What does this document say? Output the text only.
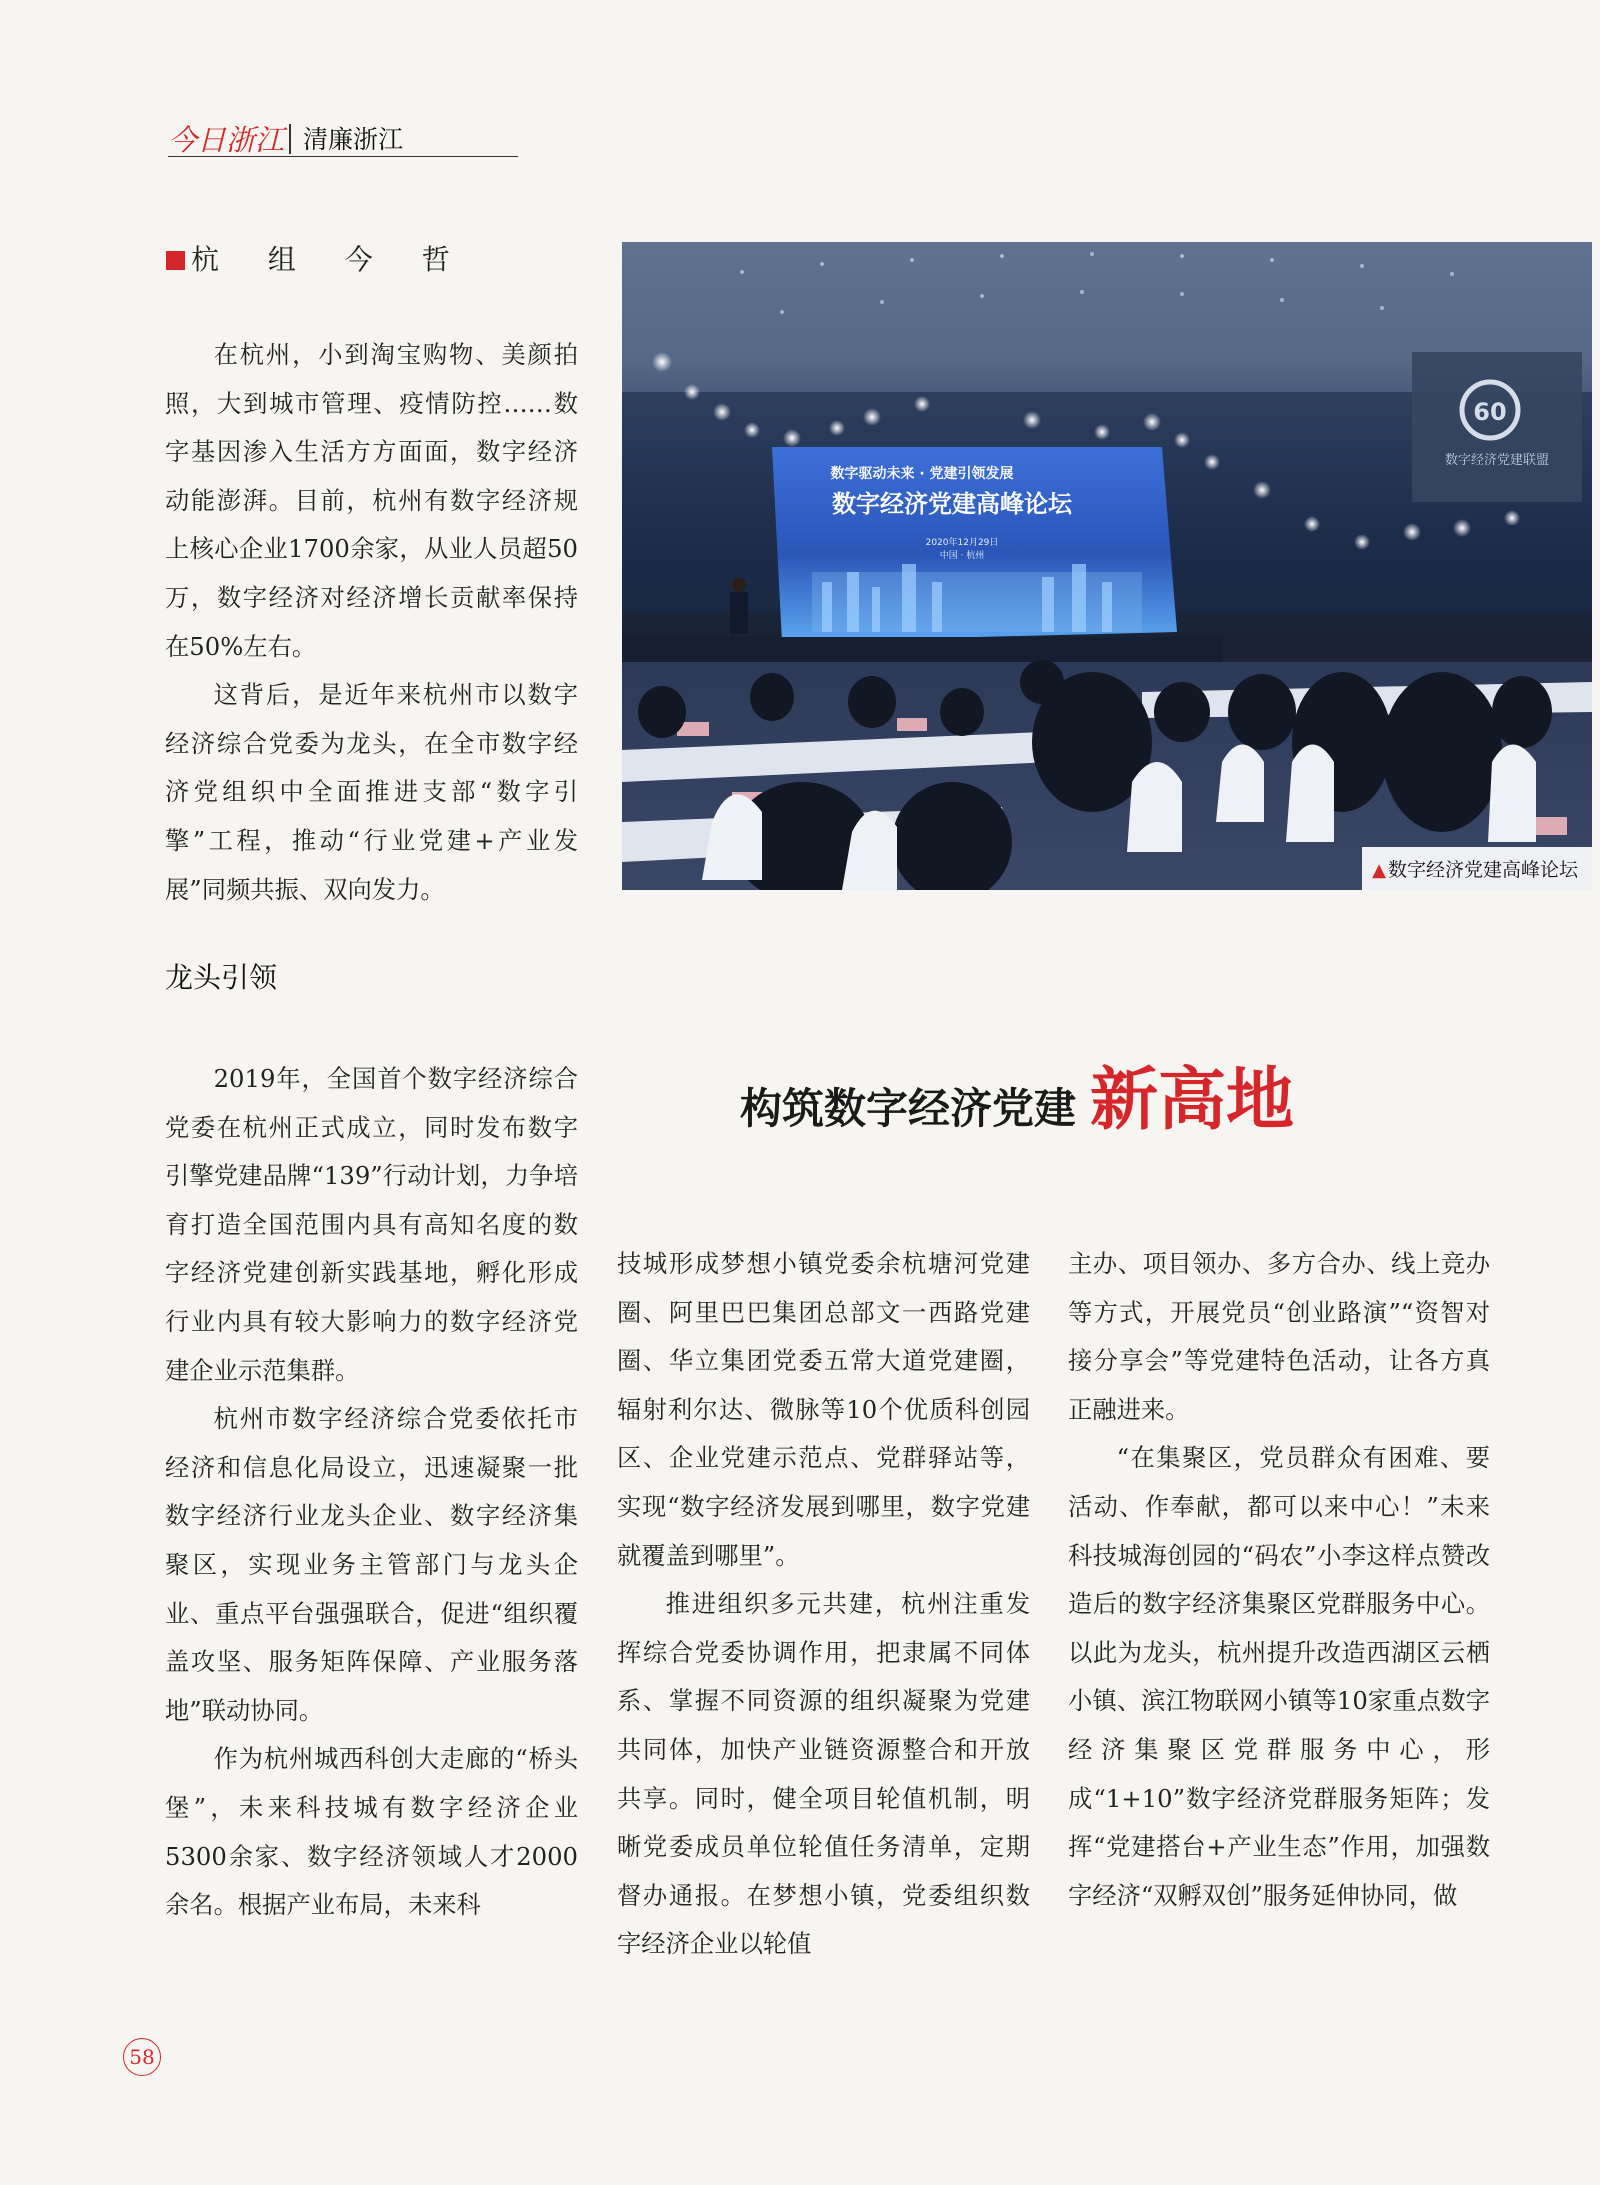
今日浙江 清廉浙江
杭 组 今 哲

在杭州，小到淘宝购物、美颜拍照，大到城市管理、疫情防控……数字基因渗入生活方方面面，数字经济动能澎湃。目前，杭州有数字经济规上核心企业1700余家，从业人员超50万，数字经济对经济增长贡献率保持在50%左右。

这背后，是近年来杭州市以数字经济综合党委为龙头，在全市数字经济党组织中全面推进支部“数字引擎”工程，推动“行业党建+产业发展”同频共振、双向发力。

60
数字经济党建联盟
数字驱动未来 · 党建引领发展
数字经济党建高峰论坛
2020年12月29日
中国 · 杭州
▲ 数字经济党建高峰论坛
龙头引领
构筑数字经济党建 新高地

2019年，全国首个数字经济综合党委在杭州正式成立，同时发布数字引擎党建品牌“139”行动计划，力争培育打造全国范围内具有高知名度的数字经济党建创新实践基地，孵化形成行业内具有较大影响力的数字经济党建企业示范集群。

杭州市数字经济综合党委依托市经济和信息化局设立，迅速凝聚一批数字经济行业龙头企业、数字经济集聚区，实现业务主管部门与龙头企业、重点平台强强联合，促进“组织覆盖攻坚、服务矩阵保障、产业服务落地”联动协同。

作为杭州城西科创大走廊的“桥头堡”，未来科技城有数字经济企业5300余家、数字经济领域人才2000余名。根据产业布局，未来科

技城形成梦想小镇党委余杭塘河党建圈、阿里巴巴集团总部文一西路党建圈、华立集团党委五常大道党建圈，辐射利尔达、微脉等10个优质科创园区、企业党建示范点、党群驿站等，实现“数字经济发展到哪里，数字党建就覆盖到哪里”。

推进组织多元共建，杭州注重发挥综合党委协调作用，把隶属不同体系、掌握不同资源的组织凝聚为党建共同体，加快产业链资源整合和开放共享。同时，健全项目轮值机制，明晰党委成员单位轮值任务清单，定期督办通报。在梦想小镇，党委组织数字经济企业以轮值

主办、项目领办、多方合办、线上竞办等方式，开展党员“创业路演”“资智对接分享会”等党建特色活动，让各方真正融进来。

“在集聚区，党员群众有困难、要活动、作奉献，都可以来中心！”未来科技城海创园的“码农”小李这样点赞改造后的数字经济集聚区党群服务中心。以此为龙头，杭州提升改造西湖区云栖小镇、滨江物联网小镇等10家重点数字经济集聚区党群服务中心，形成“1+10”数字经济党群服务矩阵；发挥“党建搭台+产业生态”作用，加强数字经济“双孵双创”服务延伸协同，做

58
